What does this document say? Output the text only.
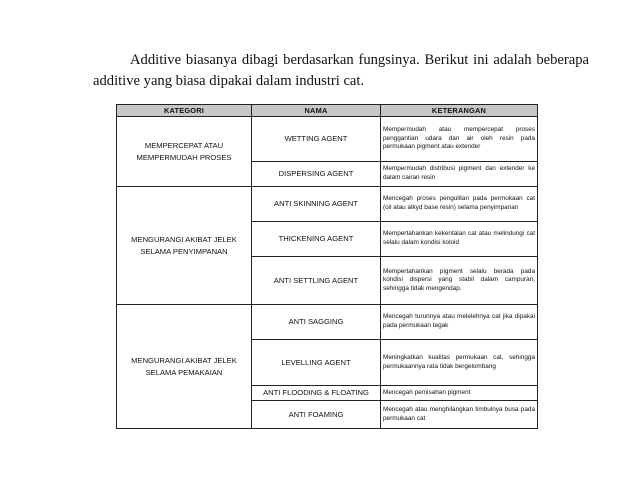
Additive biasanya dibagi berdasarkan fungsinya. Berikut ini adalah beberapa additive yang biasa dipakai dalam industri cat.

KATEGORI	NAMA	KETERANGAN
MEMPERCEPAT ATAU MEMPERMUDAH PROSES	WETTING AGENT	Mempermudah atau mempercepat proses penggantian udara dan air oleh resin pada permukaan pigment atau extender
	DISPERSING AGENT	Mempermudah distribusi pigment dan extender ke dalam cairan resin
MENGURANGI AKIBAT JELEK SELAMA PENYIMPANAN	ANTI SKINNING AGENT	Mencegah proses pengulitan pada permukaan cat (oil atau alkyd base resin) selama penyimpanan
	THICKENING AGENT	Mempertahankan kekentalan cat atau melindungi cat selalu dalam kondisi koloid
	ANTI SETTLING AGENT	Mempertahankan pigment selalu berada pada kondisi dispersi yang stabil dalam campuran, sehingga tidak mengendap.
MENGURANGI AKIBAT JELEK SELAMA PEMAKAIAN	ANTI SAGGING	Mencegah turunnya atau melelehnya cat jika dipakai pada permukaan tegak
	LEVELLING AGENT	Meningkatkan kualitas permukaan cat, sehingga permukaannya rata tidak bergelombang
	ANTI FLOODING & FLOATING	Mencegah pemisahan pigment
	ANTI FOAMING	Mencegah atau menghilangkan timbulnya busa pada permukaan cat
